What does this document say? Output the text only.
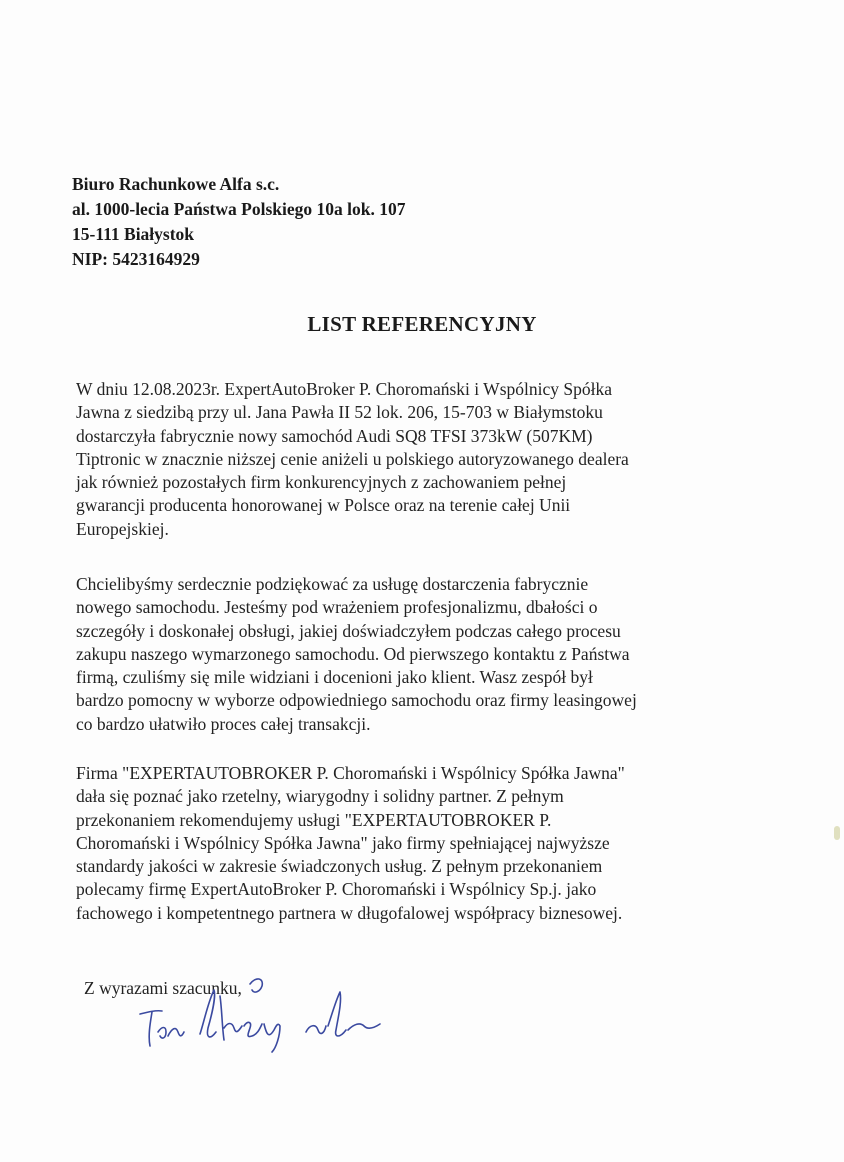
Biuro Rachunkowe Alfa s.c.
al. 1000-lecia Państwa Polskiego 10a lok. 107
15-111 Białystok
NIP: 5423164929
LIST REFERENCYJNY
W dniu 12.08.2023r. ExpertAutoBroker P. Choromański i Wspólnicy Spółka
Jawna z siedzibą przy ul. Jana Pawła II 52 lok. 206, 15-703 w Białymstoku
dostarczyła fabrycznie nowy samochód Audi SQ8 TFSI 373kW (507KM)
Tiptronic w znacznie niższej cenie aniżeli u polskiego autoryzowanego dealera
jak również pozostałych firm konkurencyjnych z zachowaniem pełnej
gwarancji producenta honorowanej w Polsce oraz na terenie całej Unii
Europejskiej.
Chcielibyśmy serdecznie podziękować za usługę dostarczenia fabrycznie
nowego samochodu. Jesteśmy pod wrażeniem profesjonalizmu, dbałości o
szczegóły i doskonałej obsługi, jakiej doświadczyłem podczas całego procesu
zakupu naszego wymarzonego samochodu. Od pierwszego kontaktu z Państwa
firmą, czuliśmy się mile widziani i docenioni jako klient. Wasz zespół był
bardzo pomocny w wyborze odpowiedniego samochodu oraz firmy leasingowej
co bardzo ułatwiło proces całej transakcji.
Firma "EXPERTAUTOBROKER P. Choromański i Wspólnicy Spółka Jawna"
dała się poznać jako rzetelny, wiarygodny i solidny partner. Z pełnym
przekonaniem rekomendujemy usługi "EXPERTAUTOBROKER P.
Choromański i Wspólnicy Spółka Jawna" jako firmy spełniającej najwyższe
standardy jakości w zakresie świadczonych usług. Z pełnym przekonaniem
polecamy firmę ExpertAutoBroker P. Choromański i Wspólnicy Sp.j. jako
fachowego i kompetentnego partnera w długofalowej współpracy biznesowej.
Z wyrazami szacunku,
